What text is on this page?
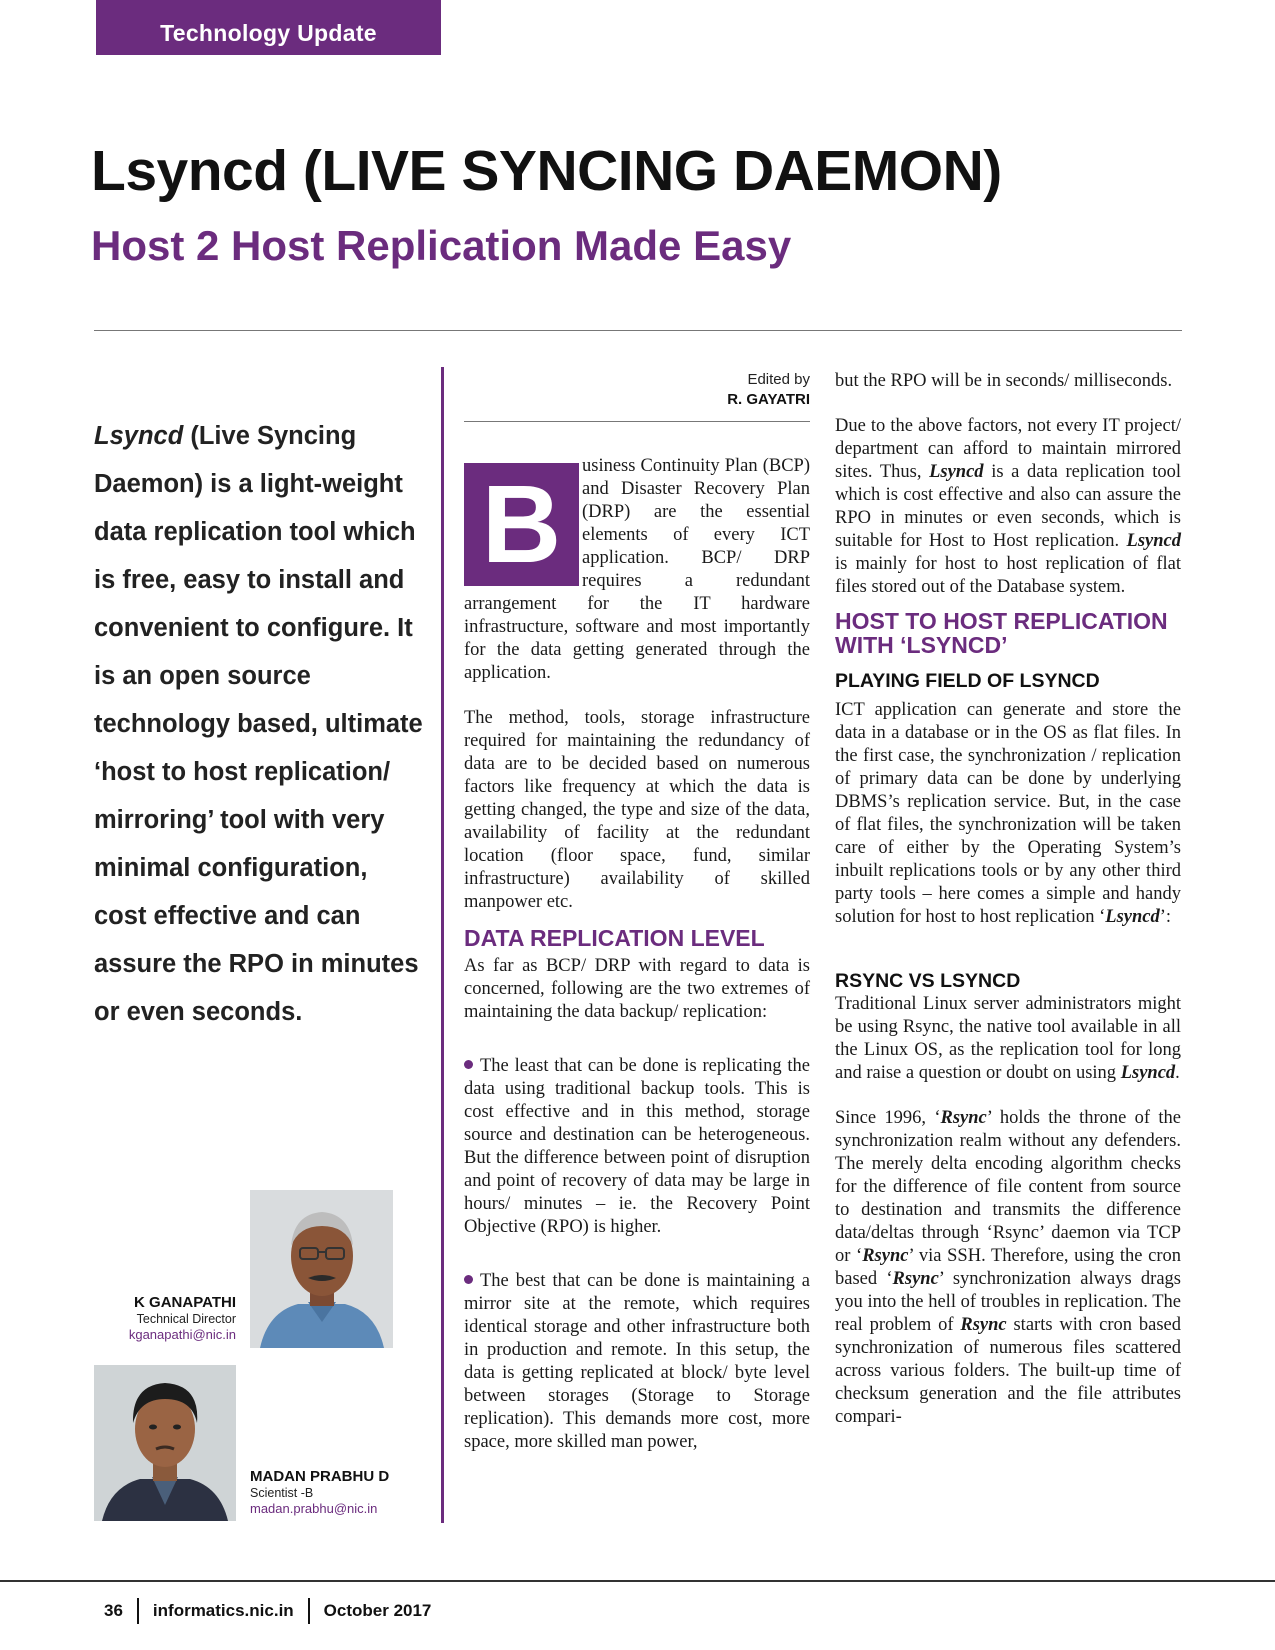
Technology Update
Lsyncd (LIVE SYNCING DAEMON)
Host 2 Host Replication Made Easy

Lsyncd (Live Syncing Daemon) is a light-weight data replication tool which is free, easy to install and convenient to configure. It is an open source technology based, ultimate ‘host to host replication/ mirroring’ tool with very minimal configuration, cost effective and can assure the RPO in minutes or even seconds.

K GANAPATHI
Technical Director
kganapathi@nic.in
MADAN PRABHU D
Scientist -B
madan.prabhu@nic.in
Edited by
R. GAYATRI
B	usiness Continuity Plan (BCP) and Disaster Recovery Plan (DRP) are the essential elements of every ICT application. BCP/ DRP requires a redundant arrangement for the IT hardware infrastructure, software and most importantly for the data getting generated through the application.

The method, tools, storage infrastructure required for maintaining the redundancy of data are to be decided based on numerous factors like frequency at which the data is getting changed, the type and size of the data, availability of facility at the redundant location (floor space, fund, similar infrastructure) availability of skilled manpower etc.

DATA REPLICATION LEVEL

As far as BCP/ DRP with regard to data is concerned, following are the two extremes of maintaining the data backup/ replication:

The least that can be done is replicating the data using traditional backup tools. This is cost effective and in this method, storage source and destination can be heterogeneous. But the difference between point of disruption and point of recovery of data may be large in hours/ minutes – ie. the Recovery Point Objective (RPO) is higher.

The best that can be done is maintaining a mirror site at the remote, which requires identical storage and other infrastructure both in production and remote. In this setup, the data is getting replicated at block/ byte level between storages (Storage to Storage replication). This demands more cost, more space, more skilled man power,

but the RPO will be in seconds/ milliseconds.

Due to the above factors, not every IT project/ department can afford to maintain mirrored sites. Thus, Lsyncd is a data replication tool which is cost effective and also can assure the RPO in minutes or even seconds, which is suitable for Host to Host replication. Lsyncd is mainly for host to host replication of flat files stored out of the Database system.

HOST TO HOST REPLICATION WITH ‘LSYNCD’
PLAYING FIELD OF LSYNCD

ICT application can generate and store the data in a database or in the OS as flat files. In the first case, the synchronization / replication of primary data can be done by underlying DBMS’s replication service. But, in the case of flat files, the synchronization will be taken care of either by the Operating System’s inbuilt replications tools or by any other third party tools – here comes a simple and handy solution for host to host replication ‘Lsyncd’:

RSYNC VS LSYNCD

Traditional Linux server administrators might be using Rsync, the native tool available in all the Linux OS, as the replication tool for long and raise a question or doubt on using Lsyncd.

Since 1996, ‘Rsync’ holds the throne of the synchronization realm without any defenders. The merely delta encoding algorithm checks for the difference of file content from source to destination and transmits the difference data/deltas through ‘Rsync’ daemon via TCP or ‘Rsync’ via SSH. Therefore, using the cron based ‘Rsync’ synchronization always drags you into the hell of troubles in replication. The real problem of Rsync starts with cron based synchronization of numerous files scattered across various folders. The built-up time of checksum generation and the file attributes compari-

36 informatics.nic.in October 2017
